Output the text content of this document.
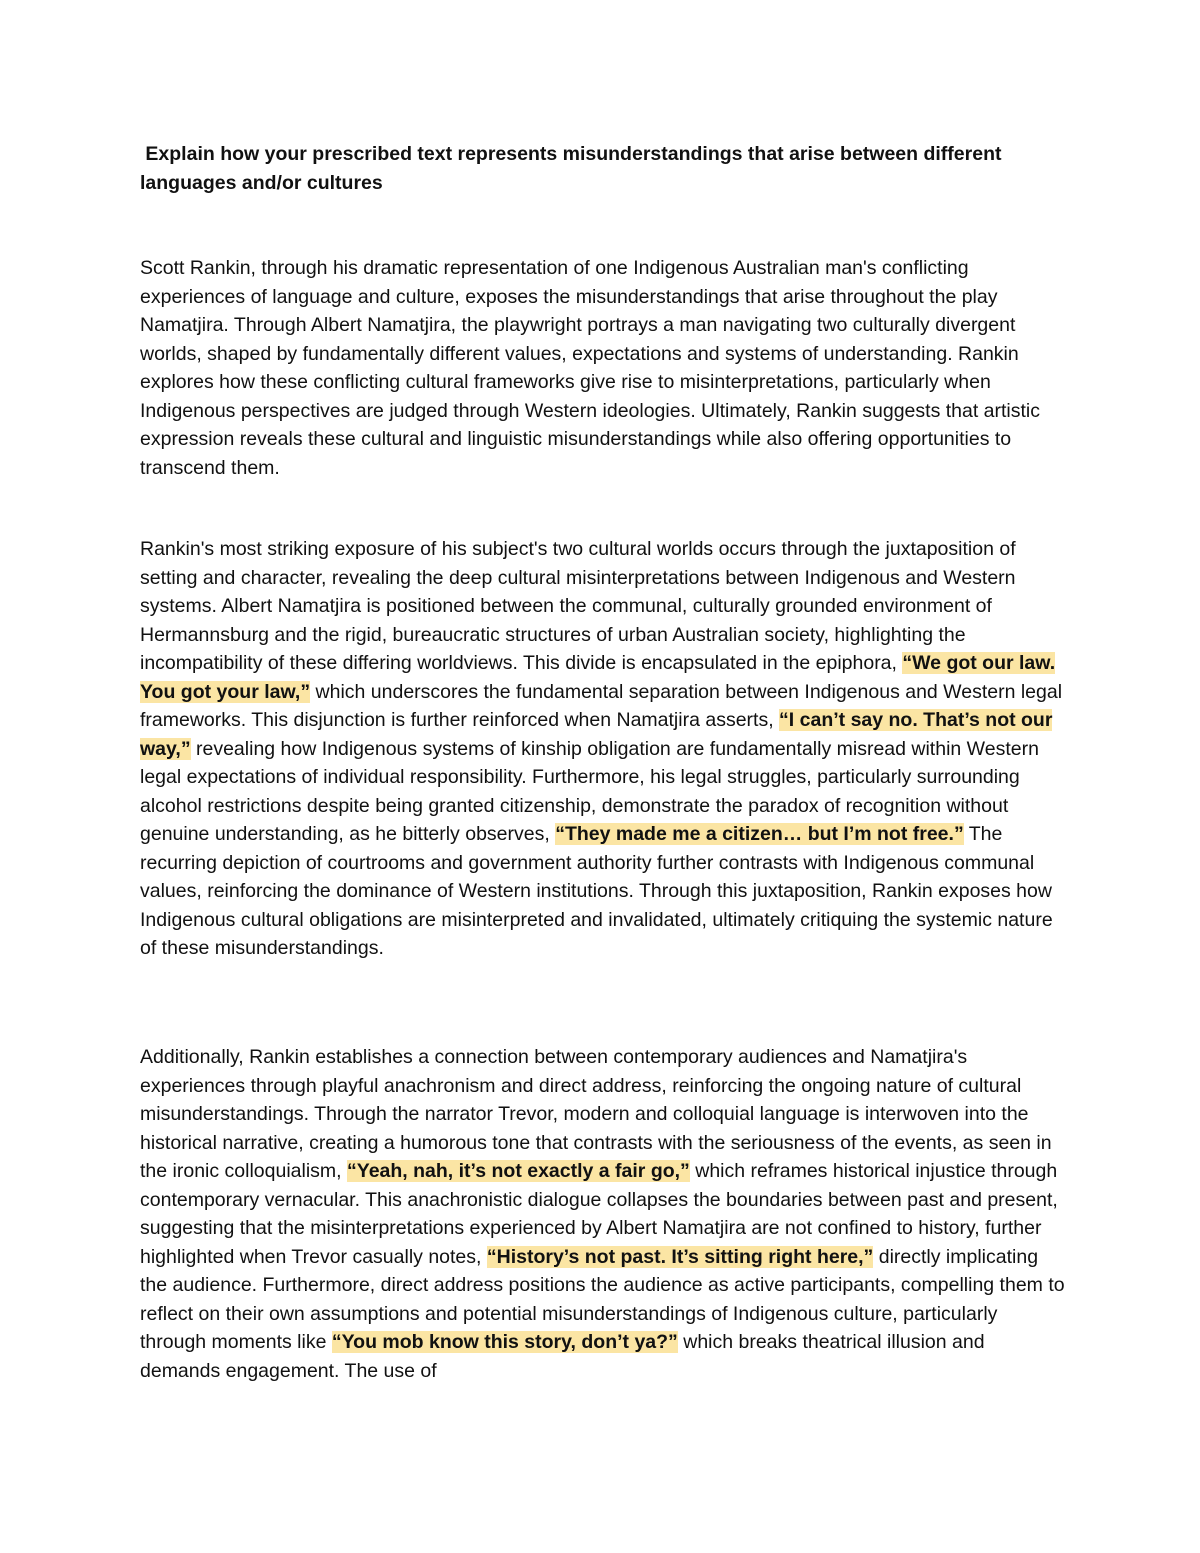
Explain how your prescribed text represents misunderstandings that arise between different languages and/or cultures

Scott Rankin, through his dramatic representation of one Indigenous Australian man's conflicting experiences of language and culture, exposes the misunderstandings that arise throughout the play Namatjira. Through Albert Namatjira, the playwright portrays a man navigating two culturally divergent worlds, shaped by fundamentally different values, expectations and systems of understanding. Rankin explores how these conflicting cultural frameworks give rise to misinterpretations, particularly when Indigenous perspectives are judged through Western ideologies. Ultimately, Rankin suggests that artistic expression reveals these cultural and linguistic misunderstandings while also offering opportunities to transcend them.

Rankin's most striking exposure of his subject's two cultural worlds occurs through the juxtaposition of setting and character, revealing the deep cultural misinterpretations between Indigenous and Western systems. Albert Namatjira is positioned between the communal, culturally grounded environment of Hermannsburg and the rigid, bureaucratic structures of urban Australian society, highlighting the incompatibility of these differing worldviews. This divide is encapsulated in the epiphora, “We got our law. You got your law,” which underscores the fundamental separation between Indigenous and Western legal frameworks. This disjunction is further reinforced when Namatjira asserts, “I can’t say no. That’s not our way,” revealing how Indigenous systems of kinship obligation are fundamentally misread within Western legal expectations of individual responsibility. Furthermore, his legal struggles, particularly surrounding alcohol restrictions despite being granted citizenship, demonstrate the paradox of recognition without genuine understanding, as he bitterly observes, “They made me a citizen… but I’m not free.” The recurring depiction of courtrooms and government authority further contrasts with Indigenous communal values, reinforcing the dominance of Western institutions. Through this juxtaposition, Rankin exposes how Indigenous cultural obligations are misinterpreted and invalidated, ultimately critiquing the systemic nature of these misunderstandings.

Additionally, Rankin establishes a connection between contemporary audiences and Namatjira's experiences through playful anachronism and direct address, reinforcing the ongoing nature of cultural misunderstandings. Through the narrator Trevor, modern and colloquial language is interwoven into the historical narrative, creating a humorous tone that contrasts with the seriousness of the events, as seen in the ironic colloquialism, “Yeah, nah, it’s not exactly a fair go,” which reframes historical injustice through contemporary vernacular. This anachronistic dialogue collapses the boundaries between past and present, suggesting that the misinterpretations experienced by Albert Namatjira are not confined to history, further highlighted when Trevor casually notes, “History’s not past. It’s sitting right here,” directly implicating the audience. Furthermore, direct address positions the audience as active participants, compelling them to reflect on their own assumptions and potential misunderstandings of Indigenous culture, particularly through moments like “You mob know this story, don’t ya?” which breaks theatrical illusion and demands engagement. The use of
